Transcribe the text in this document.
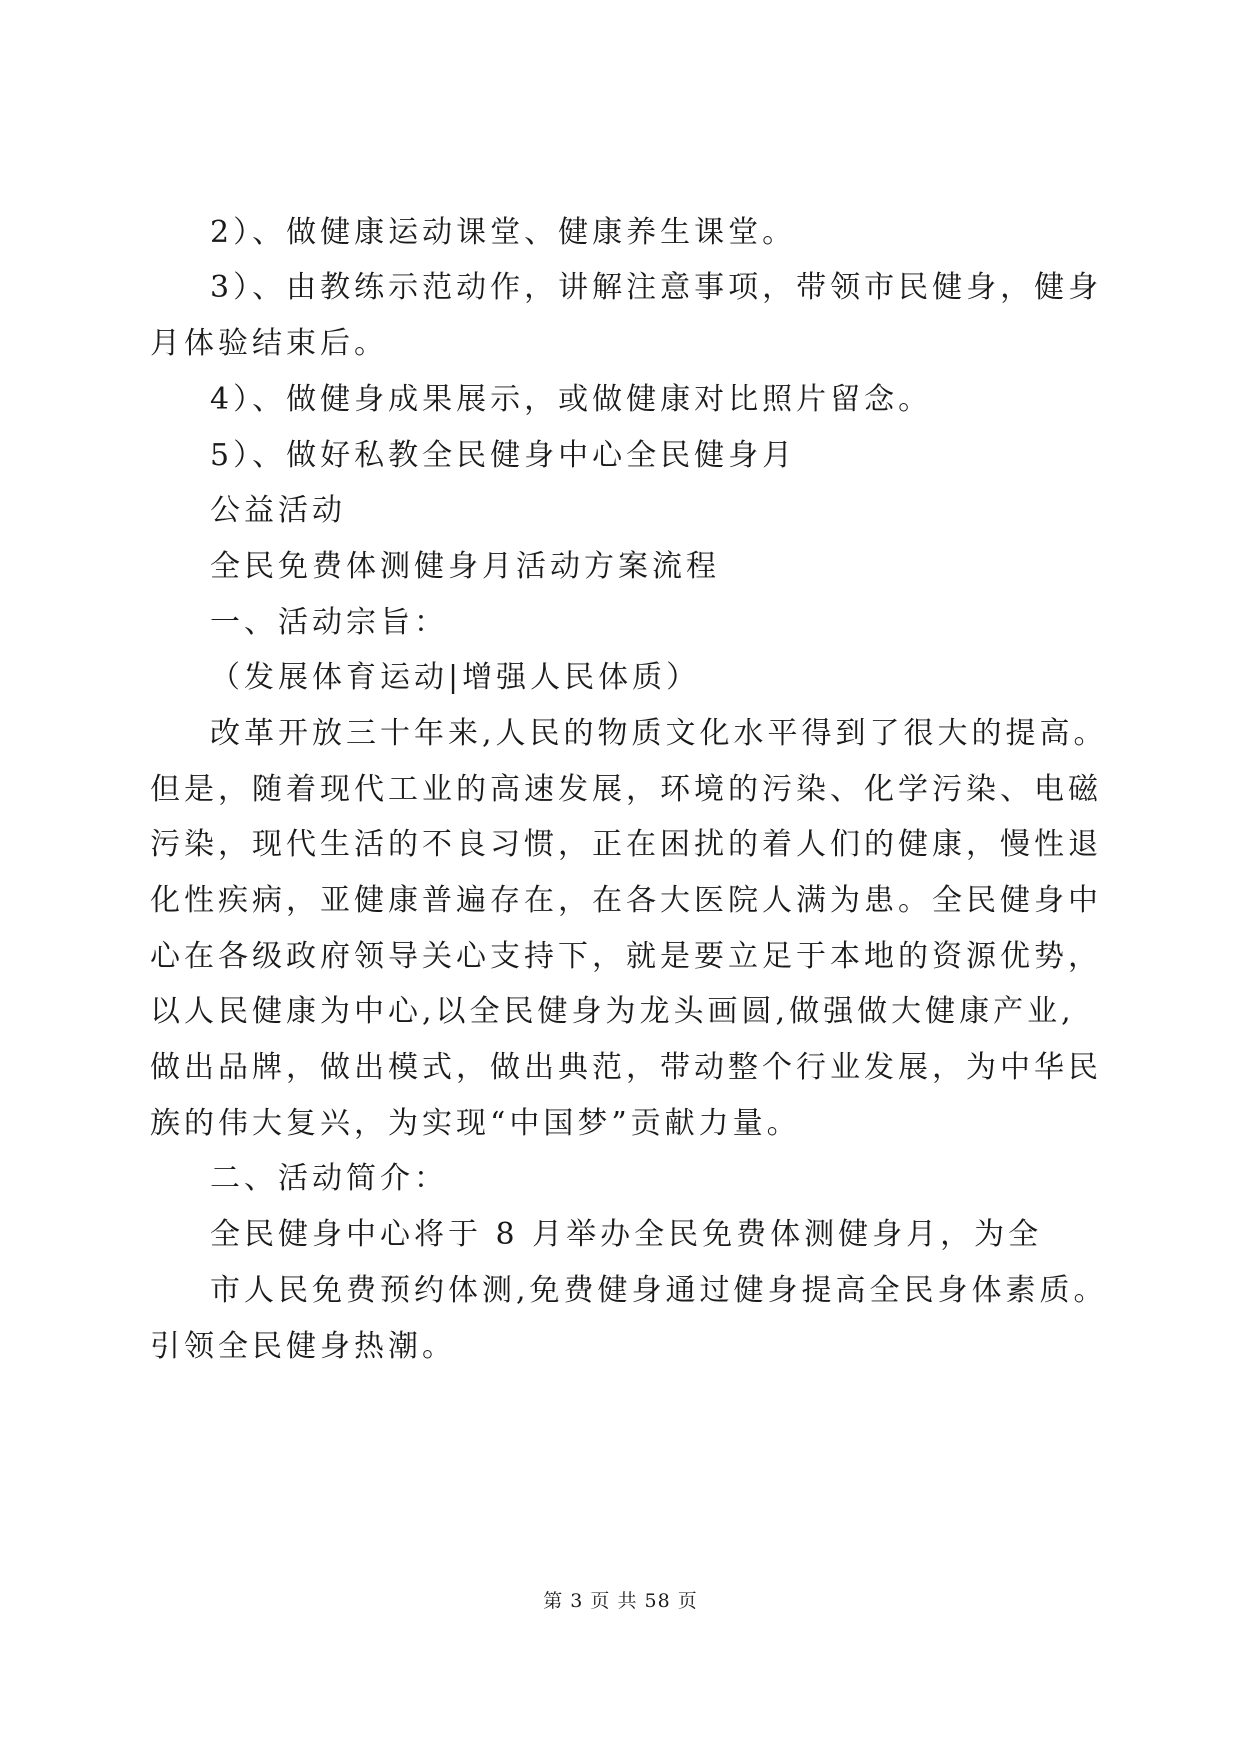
2）、做健康运动课堂、健康养生课堂。

3）、由教练示范动作，讲解注意事项，带领市民健身，健身

月体验结束后。

4）、做健身成果展示，或做健康对比照片留念。

5）、做好私教全民健身中心全民健身月

公益活动

全民免费体测健身月活动方案流程

一、活动宗旨：

（发展体育运动|增强人民体质）

改革开放三十年来,人民的物质文化水平得到了很大的提高。

但是，随着现代工业的高速发展，环境的污染、化学污染、电磁

污染，现代生活的不良习惯，正在困扰的着人们的健康，慢性退

化性疾病，亚健康普遍存在，在各大医院人满为患。全民健身中

心在各级政府领导关心支持下，就是要立足于本地的资源优势，

以人民健康为中心,以全民健身为龙头画圆,做强做大健康产业,

做出品牌，做出模式，做出典范，带动整个行业发展，为中华民

族的伟大复兴，为实现“中国梦”贡献力量。

二、活动简介：

全民健身中心将于 8 月举办全民免费体测健身月，为全

市人民免费预约体测,免费健身通过健身提高全民身体素质。

引领全民健身热潮。

第 3 页 共 58 页
